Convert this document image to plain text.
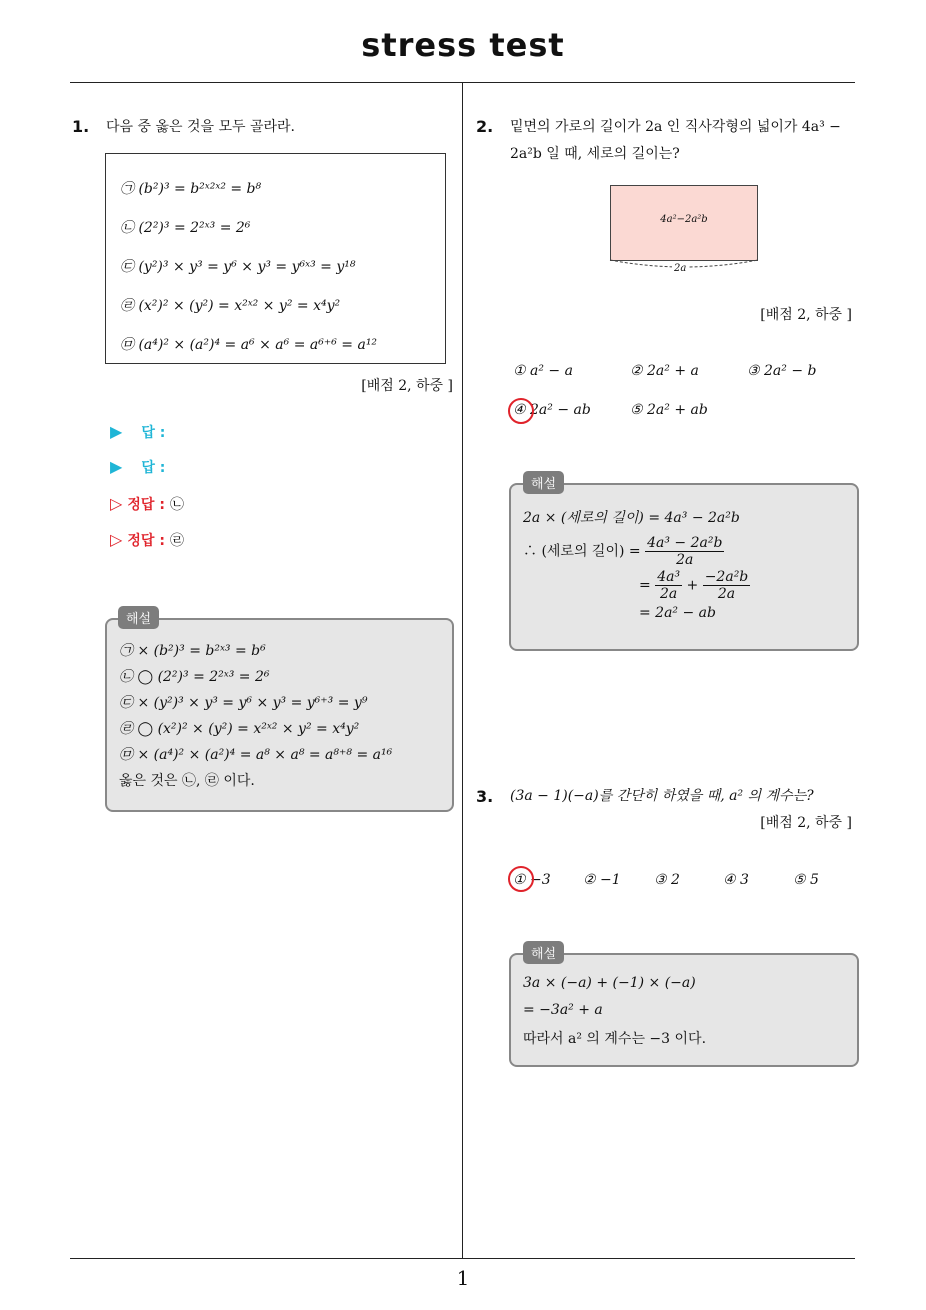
stress test
1
1. 다음 중 옳은 것을 모두 골라라.
㉠ (b²)³ = b²ˣ²ˣ² = b⁸
㉡ (2²)³ = 2²ˣ³ = 2⁶
㉢ (y²)³ × y³ = y⁶ × y³ = y⁶ˣ³ = y¹⁸
㉣ (x²)² × (y²) = x²ˣ² × y² = x⁴y²
㉤ (a⁴)² × (a²)⁴ = a⁶ × a⁶ = a⁶⁺⁶ = a¹²
[배점 2, 하중 ]
▶ 답 :
▶ 답 :
▷ 정답 : ㉡
▷ 정답 : ㉣
㉠ × (b²)³ = b²ˣ³ = b⁶
㉡ ◯ (2²)³ = 2²ˣ³ = 2⁶
㉢ × (y²)³ × y³ = y⁶ × y³ = y⁶⁺³ = y⁹
㉣ ◯ (x²)² × (y²) = x²ˣ² × y² = x⁴y²
㉤ × (a⁴)² × (a²)⁴ = a⁸ × a⁸ = a⁸⁺⁸ = a¹⁶
옳은 것은 ㉡, ㉣ 이다.
해설
2. 밑면의 가로의 길이가 2a 인 직사각형의 넓이가 4a³ −
2a²b 일 때, 세로의 길이는?
4a²−2a²b
2a
[배점 2, 하중 ]
① a² − a	② 2a² + a	③ 2a² − b
④ 2a² − ab	⑤ 2a² + ab
2a × (세로의 길이) = 4a³ − 2a²b
∴ (세로의 길이) = $\frac{\text{4a³ − 2a²b}}{2a}$
= $\frac{\text{4a³}}{2a} + \frac{\text{−2a²b}}{2a}$
= 2a² − ab
해설
3. (3a − 1)(−a)를 간단히 하였을 때, a² 의 계수는?
[배점 2, 하중 ]
① −3 ② −1 ③ 2	④ 3	⑤ 5
3a × (−a) + (−1) × (−a)
= −3a² + a
따라서 a² 의 계수는 −3 이다.
해설
